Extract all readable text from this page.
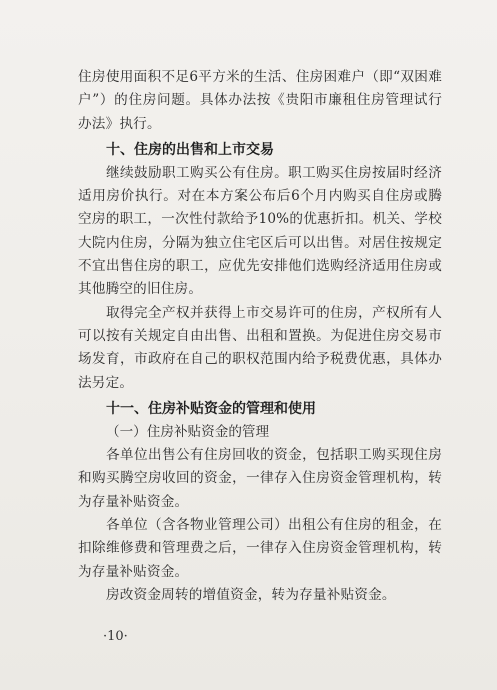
住房使用面积不足6平方米的生活、住房困难户（即“双困难户”）的住房问题。具体办法按《贵阳市廉租住房管理试行办法》执行。

十、住房的出售和上市交易

继续鼓励职工购买公有住房。职工购买住房按届时经济适用房价执行。对在本方案公布后6个月内购买自住房或腾空房的职工，一次性付款给予10%的优惠折扣。机关、学校大院内住房，分隔为独立住宅区后可以出售。对居住按规定不宜出售住房的职工，应优先安排他们选购经济适用住房或其他腾空的旧住房。

取得完全产权并获得上市交易许可的住房，产权所有人可以按有关规定自由出售、出租和置换。为促进住房交易市场发育，市政府在自己的职权范围内给予税费优惠，具体办法另定。

十一、住房补贴资金的管理和使用
（一）住房补贴资金的管理

各单位出售公有住房回收的资金，包括职工购买现住房和购买腾空房收回的资金，一律存入住房资金管理机构，转为存量补贴资金。

各单位（含各物业管理公司）出租公有住房的租金，在扣除维修费和管理费之后，一律存入住房资金管理机构，转为存量补贴资金。

房改资金周转的增值资金，转为存量补贴资金。

·10·
